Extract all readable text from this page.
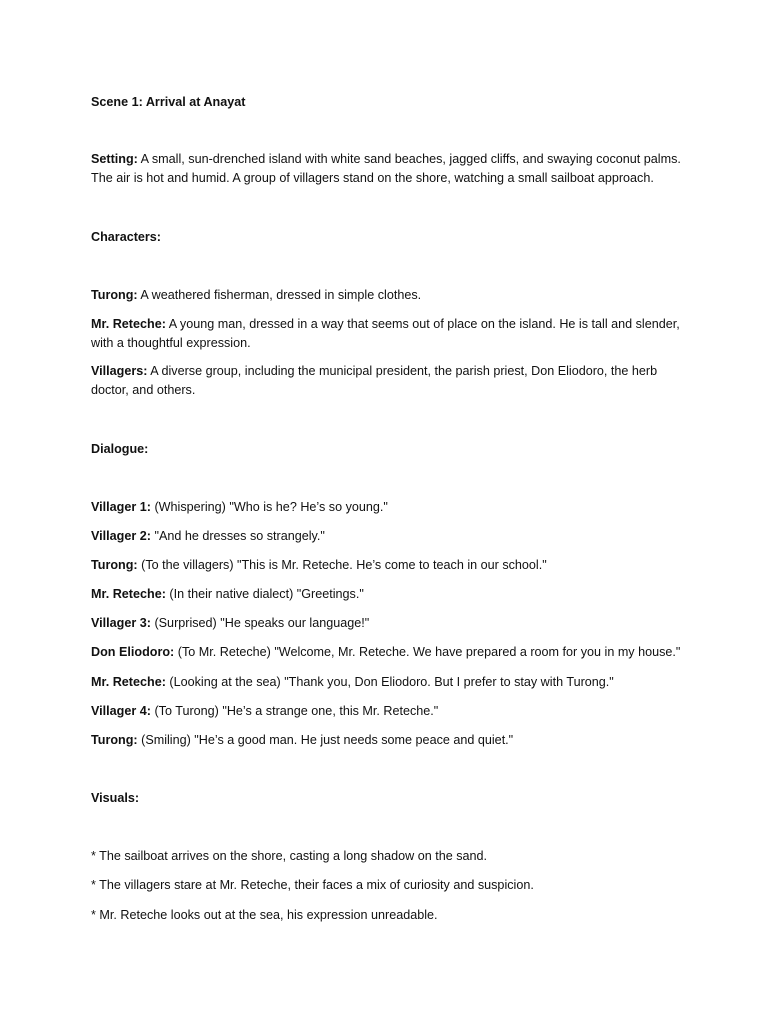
Scene 1: Arrival at Anayat

Setting: A small, sun-drenched island with white sand beaches, jagged cliffs, and swaying coconut palms. The air is hot and humid. A group of villagers stand on the shore, watching a small sailboat approach.

Characters:

Turong: A weathered fisherman, dressed in simple clothes.

Mr. Reteche: A young man, dressed in a way that seems out of place on the island. He is tall and slender, with a thoughtful expression.

Villagers: A diverse group, including the municipal president, the parish priest, Don Eliodoro, the herb doctor, and others.

Dialogue:

Villager 1: (Whispering) "Who is he? He’s so young."

Villager 2: "And he dresses so strangely."

Turong: (To the villagers) "This is Mr. Reteche. He’s come to teach in our school."

Mr. Reteche: (In their native dialect) "Greetings."

Villager 3: (Surprised) "He speaks our language!"

Don Eliodoro: (To Mr. Reteche) "Welcome, Mr. Reteche. We have prepared a room for you in my house."

Mr. Reteche: (Looking at the sea) "Thank you, Don Eliodoro. But I prefer to stay with Turong."

Villager 4: (To Turong) "He’s a strange one, this Mr. Reteche."

Turong: (Smiling) "He’s a good man. He just needs some peace and quiet."

Visuals:

* The sailboat arrives on the shore, casting a long shadow on the sand.

* The villagers stare at Mr. Reteche, their faces a mix of curiosity and suspicion.

* Mr. Reteche looks out at the sea, his expression unreadable.
